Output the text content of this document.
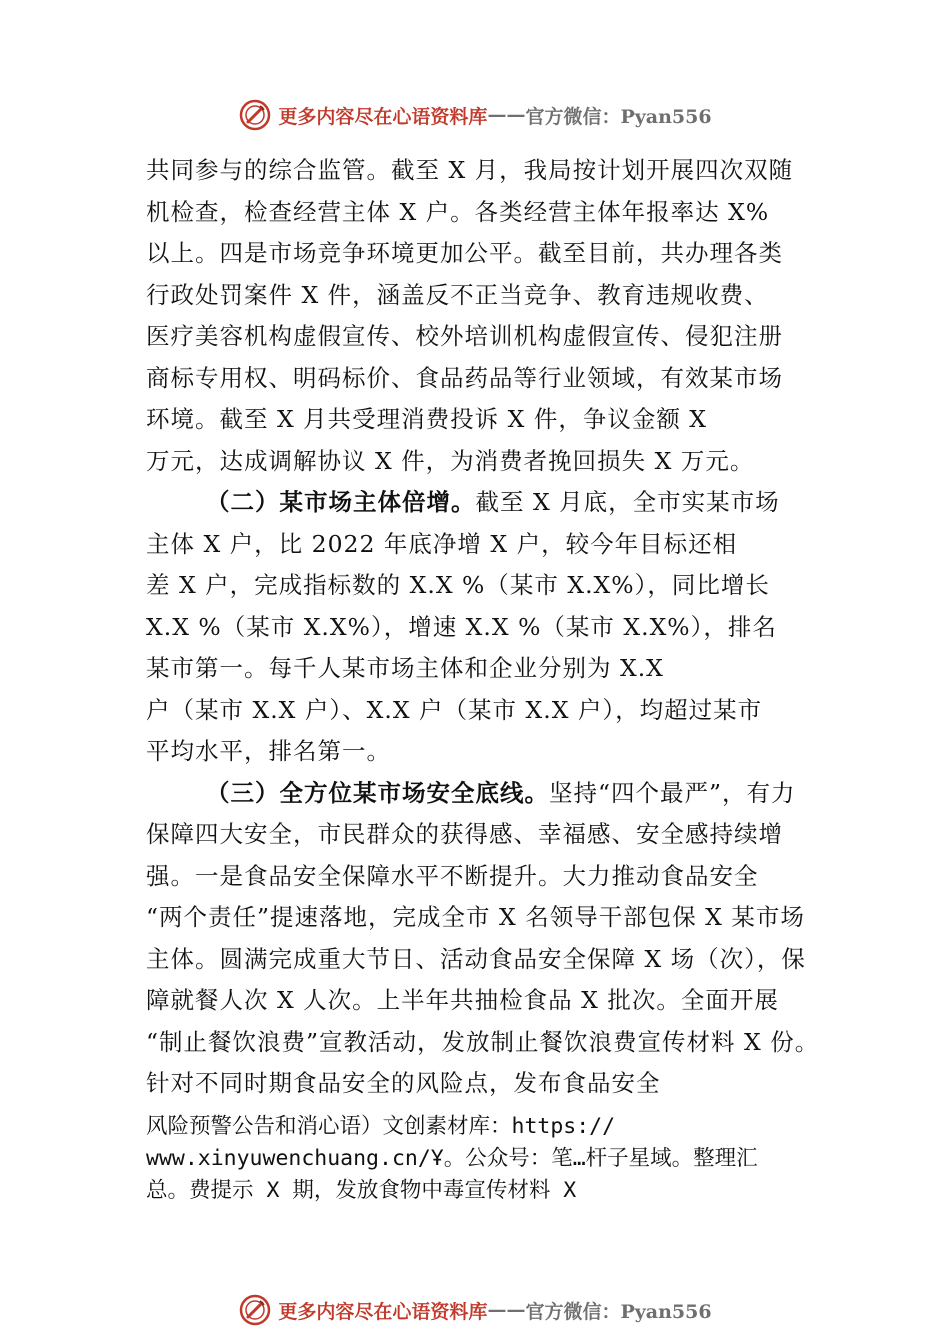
更多内容尽在心语资料库 —— 官方微信：Pyan556
共同参与的综合监管。截至 X 月，我局按计划开展四次双随
机检查，检查经营主体 X 户。各类经营主体年报率达 X%
以上。四是市场竞争环境更加公平。截至目前，共办理各类
行政处罚案件 X 件，涵盖反不正当竞争、教育违规收费、
医疗美容机构虚假宣传、校外培训机构虚假宣传、侵犯注册
商标专用权、明码标价、食品药品等行业领域，有效某市场
环境。截至 X 月共受理消费投诉 X 件，争议金额 X
万元，达成调解协议 X 件，为消费者挽回损失 X 万元。
（二）某市场主体倍增。截至 X 月底，全市实某市场
主体 X 户，比 2022 年底净增 X 户，较今年目标还相
差 X 户，完成指标数的 X.X %（某市 X.X%），同比增长
X.X %（某市 X.X%），增速 X.X %（某市 X.X%），排名
某市第一。每千人某市场主体和企业分别为 X.X
户（某市 X.X 户）、X.X 户（某市 X.X 户），均超过某市
平均水平，排名第一。
（三）全方位某市场安全底线。坚持“四个最严”，有力
保障四大安全，市民群众的获得感、幸福感、安全感持续增
强。一是食品安全保障水平不断提升。大力推动食品安全
“两个责任”提速落地，完成全市 X 名领导干部包保 X 某市场
主体。圆满完成重大节日、活动食品安全保障 X 场（次），保
障就餐人次 X 人次。上半年共抽检食品 X 批次。全面开展
“制止餐饮浪费”宣教活动，发放制止餐饮浪费宣传材料 X 份。
针对不同时期食品安全的风险点，发布食品安全
风险预警公告和消心语）文创素材库：https://
www.xinyuwenchuang.cn/Ұ。公众号：笔…杆子星域。整理汇
总。费提示 X 期，发放食物中毒宣传材料 X
更多内容尽在心语资料库 —— 官方微信：Pyan556
